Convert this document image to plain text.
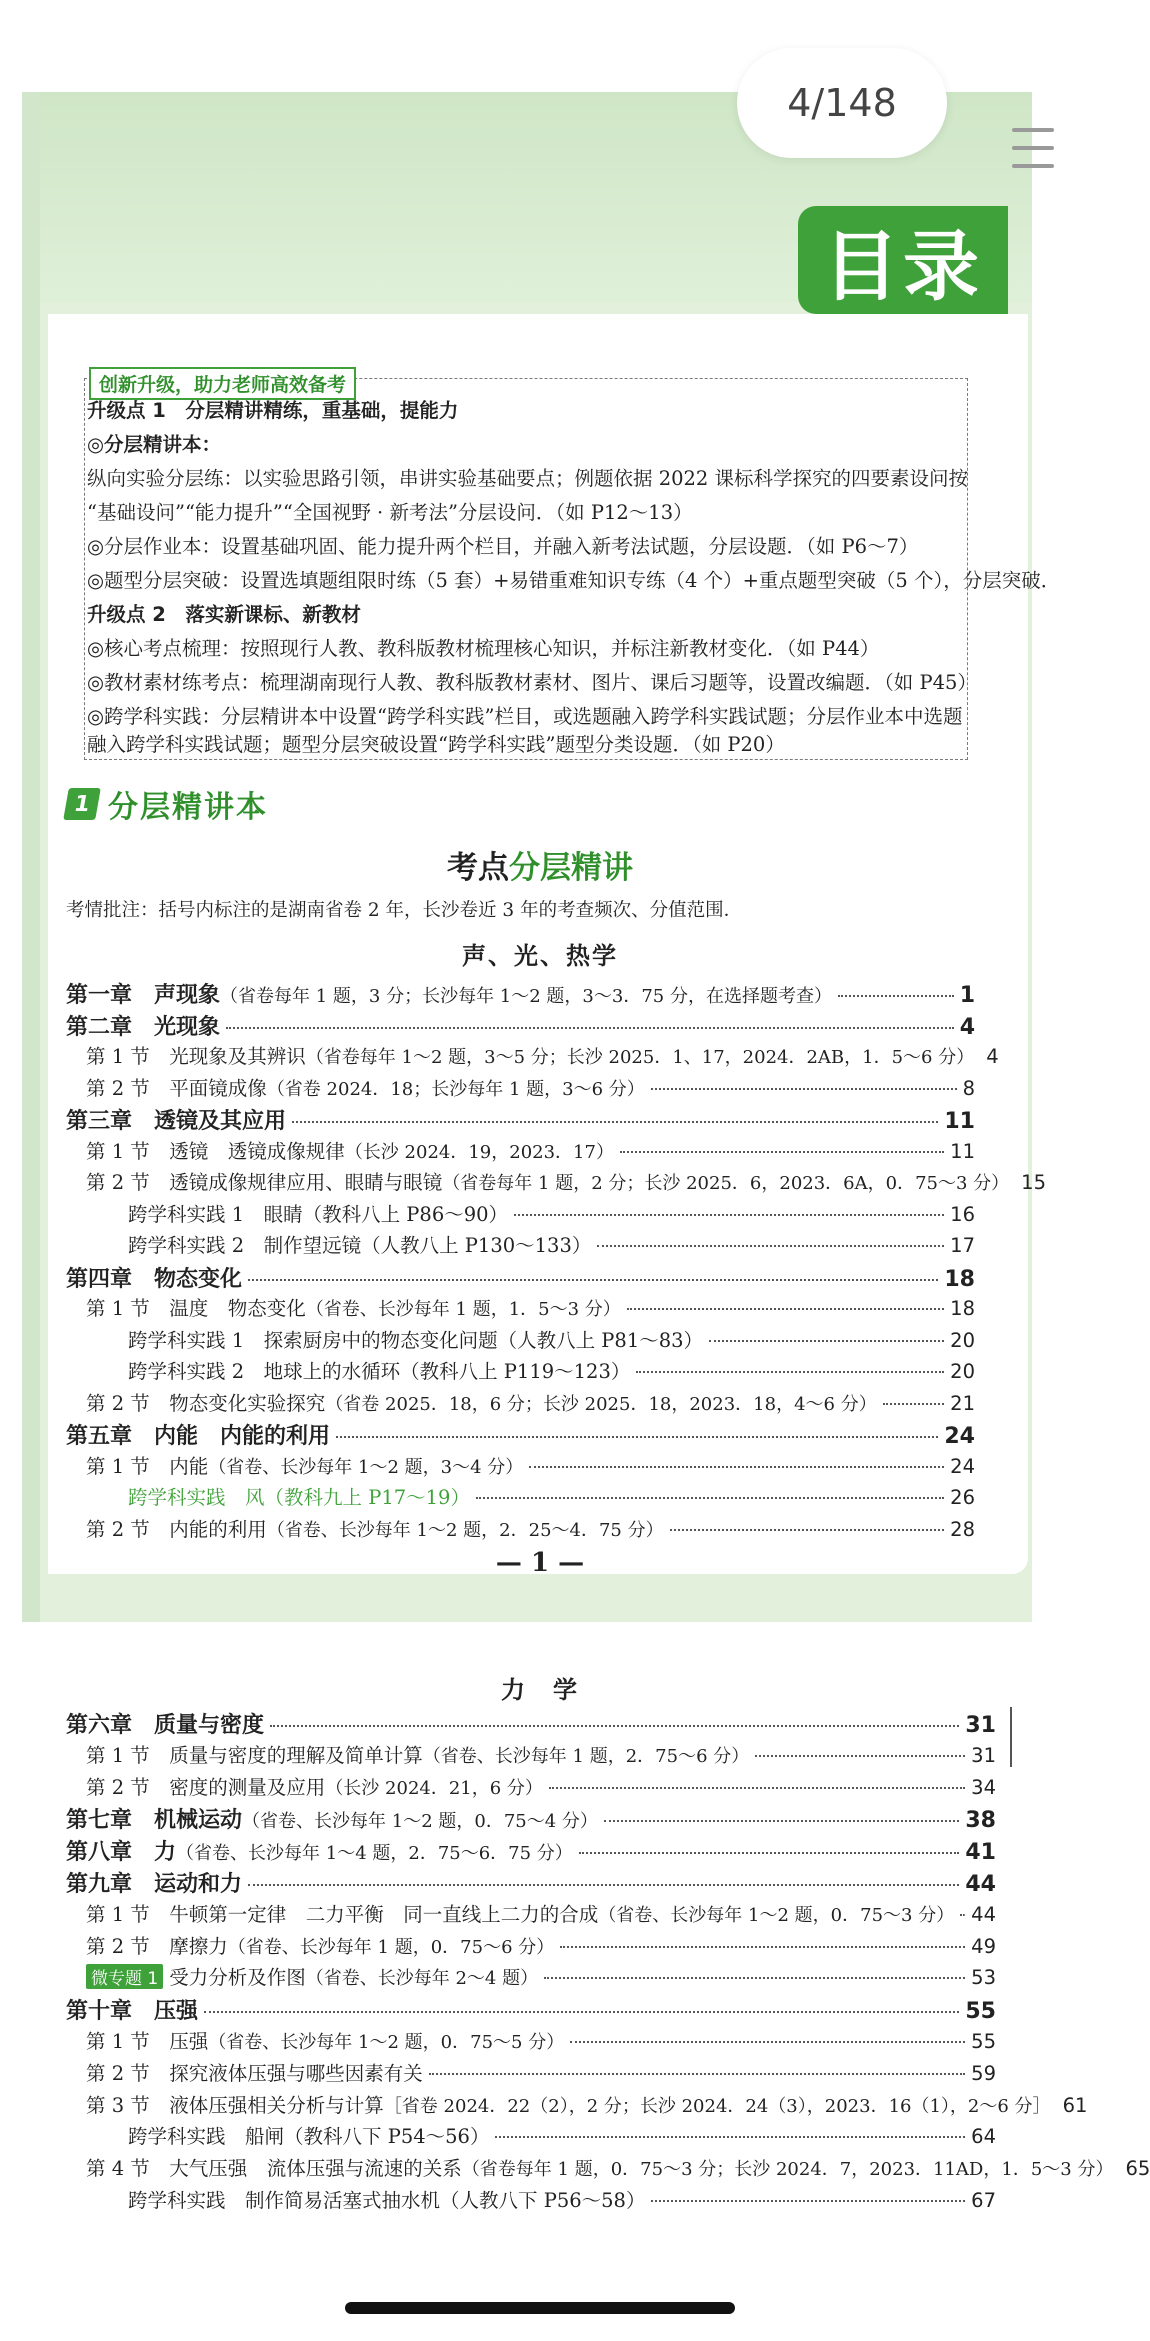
4/148
目录
创新升级，助力老师高效备考
升级点 1　分层精讲精练，重基础，提能力
◎分层精讲本：
纵向实验分层练：以实验思路引领，串讲实验基础要点；例题依据 2022 课标科学探究的四要素设问按
“基础设问”“能力提升”“全国视野 · 新考法”分层设问．（如 P12～13）
◎分层作业本：设置基础巩固、能力提升两个栏目，并融入新考法试题，分层设题．（如 P6～7）
◎题型分层突破：设置选填题组限时练（5 套）+易错重难知识专练（4 个）+重点题型突破（5 个），分层突破．
升级点 2　落实新课标、新教材
◎核心考点梳理：按照现行人教、教科版教材梳理核心知识，并标注新教材变化．（如 P44）
◎教材素材练考点：梳理湖南现行人教、教科版教材素材、图片、课后习题等，设置改编题．（如 P45）
◎跨学科实践：分层精讲本中设置“跨学科实践”栏目，或选题融入跨学科实践试题；分层作业本中选题
融入跨学科实践试题；题型分层突破设置“跨学科实践”题型分类设题．（如 P20）
1 分层精讲本
考点分层精讲
考情批注：括号内标注的是湖南省卷 2 年，长沙卷近 3 年的考查频次、分值范围．
声、光、热学
第一章　声现象（省卷每年 1 题，3 分；长沙每年 1～2 题，3～3．75 分，在选择题考查）	1
第二章　光现象	4
第 1 节　光现象及其辨识（省卷每年 1～2 题，3～5 分；长沙 2025．1、17，2024．2AB，1．5～6 分） 4
第 2 节　平面镜成像（省卷 2024．18；长沙每年 1 题，3～6 分）	8
第三章　透镜及其应用	11
第 1 节　透镜　透镜成像规律（长沙 2024．19，2023．17）	11
第 2 节　透镜成像规律应用、眼睛与眼镜（省卷每年 1 题，2 分；长沙 2025．6，2023．6A，0．75～3 分） 15
跨学科实践 1　眼睛（教科八上 P86～90）	16
跨学科实践 2　制作望远镜（人教八上 P130～133）	17
第四章　物态变化	18
第 1 节　温度　物态变化（省卷、长沙每年 1 题，1．5～3 分）	18
跨学科实践 1　探索厨房中的物态变化问题（人教八上 P81～83）	20
跨学科实践 2　地球上的水循环（教科八上 P119～123）	20
第 2 节　物态变化实验探究（省卷 2025．18，6 分；长沙 2025．18，2023．18，4～6 分）	21
第五章　内能　内能的利用	24
第 1 节　内能（省卷、长沙每年 1～2 题，3～4 分）	24
跨学科实践　风（教科九上 P17～19）	26
第 2 节　内能的利用（省卷、长沙每年 1～2 题，2．25～4．75 分）	28
— 1 —
力　学
第六章　质量与密度	31
第 1 节　质量与密度的理解及简单计算（省卷、长沙每年 1 题，2．75～6 分）	31
第 2 节　密度的测量及应用（长沙 2024．21，6 分）	34
第七章　机械运动（省卷、长沙每年 1～2 题，0．75～4 分）	38
第八章　力（省卷、长沙每年 1～4 题，2．75～6．75 分）	41
第九章　运动和力	44
第 1 节　牛顿第一定律　二力平衡　同一直线上二力的合成（省卷、长沙每年 1～2 题，0．75～3 分） 44
第 2 节　摩擦力（省卷、长沙每年 1 题，0．75～6 分）	49
微专题 1 受力分析及作图（省卷、长沙每年 2～4 题）	53
第十章　压强	55
第 1 节　压强（省卷、长沙每年 1～2 题，0．75～5 分）	55
第 2 节　探究液体压强与哪些因素有关	59
第 3 节　液体压强相关分析与计算［省卷 2024．22（2），2 分；长沙 2024．24（3），2023．16（1），2～6 分］ 61
跨学科实践　船闸（教科八下 P54～56）	64
第 4 节　大气压强　流体压强与流速的关系（省卷每年 1 题，0．75～3 分；长沙 2024．7，2023．11AD，1．5～3 分） 65
跨学科实践　制作简易活塞式抽水机（人教八下 P56～58）	67
